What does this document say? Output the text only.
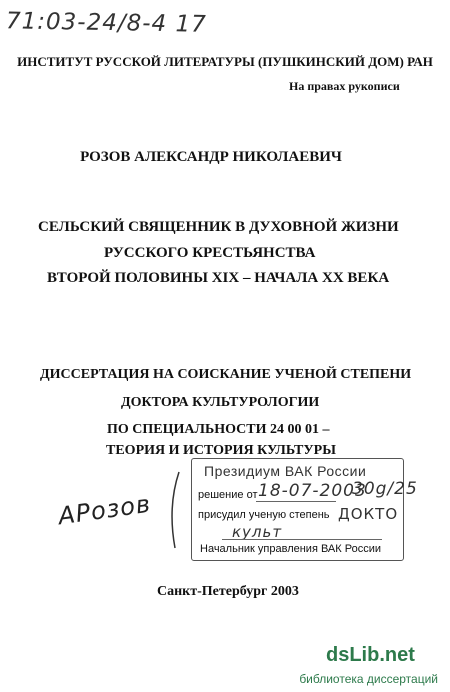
71:03-24/8-4 17
ИНСТИТУТ РУССКОЙ ЛИТЕРАТУРЫ (ПУШКИНСКИЙ ДОМ) РАН
На правах рукописи
РОЗОВ АЛЕКСАНДР НИКОЛАЕВИЧ
СЕЛЬСКИЙ СВЯЩЕННИК В ДУХОВНОЙ ЖИЗНИ
РУССКОГО КРЕСТЬЯНСТВА
ВТОРОЙ ПОЛОВИНЫ XIX – НАЧАЛА XX ВЕКА
ДИССЕРТАЦИЯ НА СОИСКАНИЕ УЧЕНОЙ СТЕПЕНИ
ДОКТОРА КУЛЬТУРОЛОГИИ
ПО СПЕЦИАЛЬНОСТИ 24 00 01 –
ТЕОРИЯ И ИСТОРИЯ КУЛЬТУРЫ
Президиум ВАК России
решение от 18-07-2003
30g/25
присудил ученую степень ДОКТО
культ
Начальник управления ВАК России
АРозов
Санкт-Петербург 2003
dsLib.net
библиотека диссертаций
